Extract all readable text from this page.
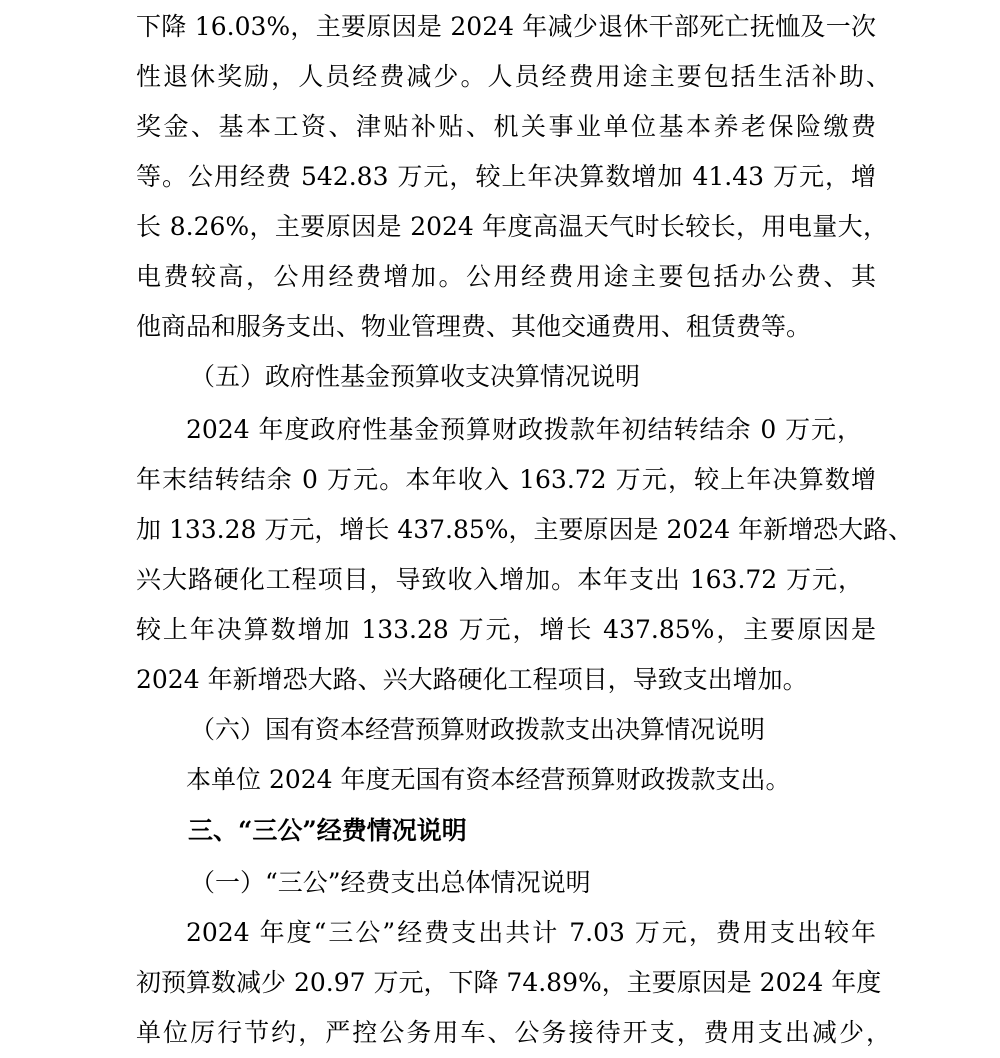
下降 16.03%，主要原因是 2024 年减少退休干部死亡抚恤及一次
性退休奖励，人员经费减少。人员经费用途主要包括生活补助、
奖金、基本工资、津贴补贴、机关事业单位基本养老保险缴费
等。公用经费 542.83 万元，较上年决算数增加 41.43 万元，增
长 8.26%，主要原因是 2024 年度高温天气时长较长，用电量大，
电费较高，公用经费增加。公用经费用途主要包括办公费、其
他商品和服务支出、物业管理费、其他交通费用、租赁费等。
（五）政府性基金预算收支决算情况说明
2024 年度政府性基金预算财政拨款年初结转结余 0 万元，
年末结转结余 0 万元。本年收入 163.72 万元，较上年决算数增
加 133.28 万元，增长 437.85%，主要原因是 2024 年新增恐大路、
兴大路硬化工程项目，导致收入增加。本年支出 163.72 万元，
较上年决算数增加 133.28 万元，增长 437.85%，主要原因是
2024 年新增恐大路、兴大路硬化工程项目，导致支出增加。
（六）国有资本经营预算财政拨款支出决算情况说明
本单位 2024 年度无国有资本经营预算财政拨款支出。
三、“三公”经费情况说明
（一）“三公”经费支出总体情况说明
2024 年度“三公”经费支出共计 7.03 万元，费用支出较年
初预算数减少 20.97 万元，下降 74.89%，主要原因是 2024 年度
单位厉行节约，严控公务用车、公务接待开支，费用支出减少，
